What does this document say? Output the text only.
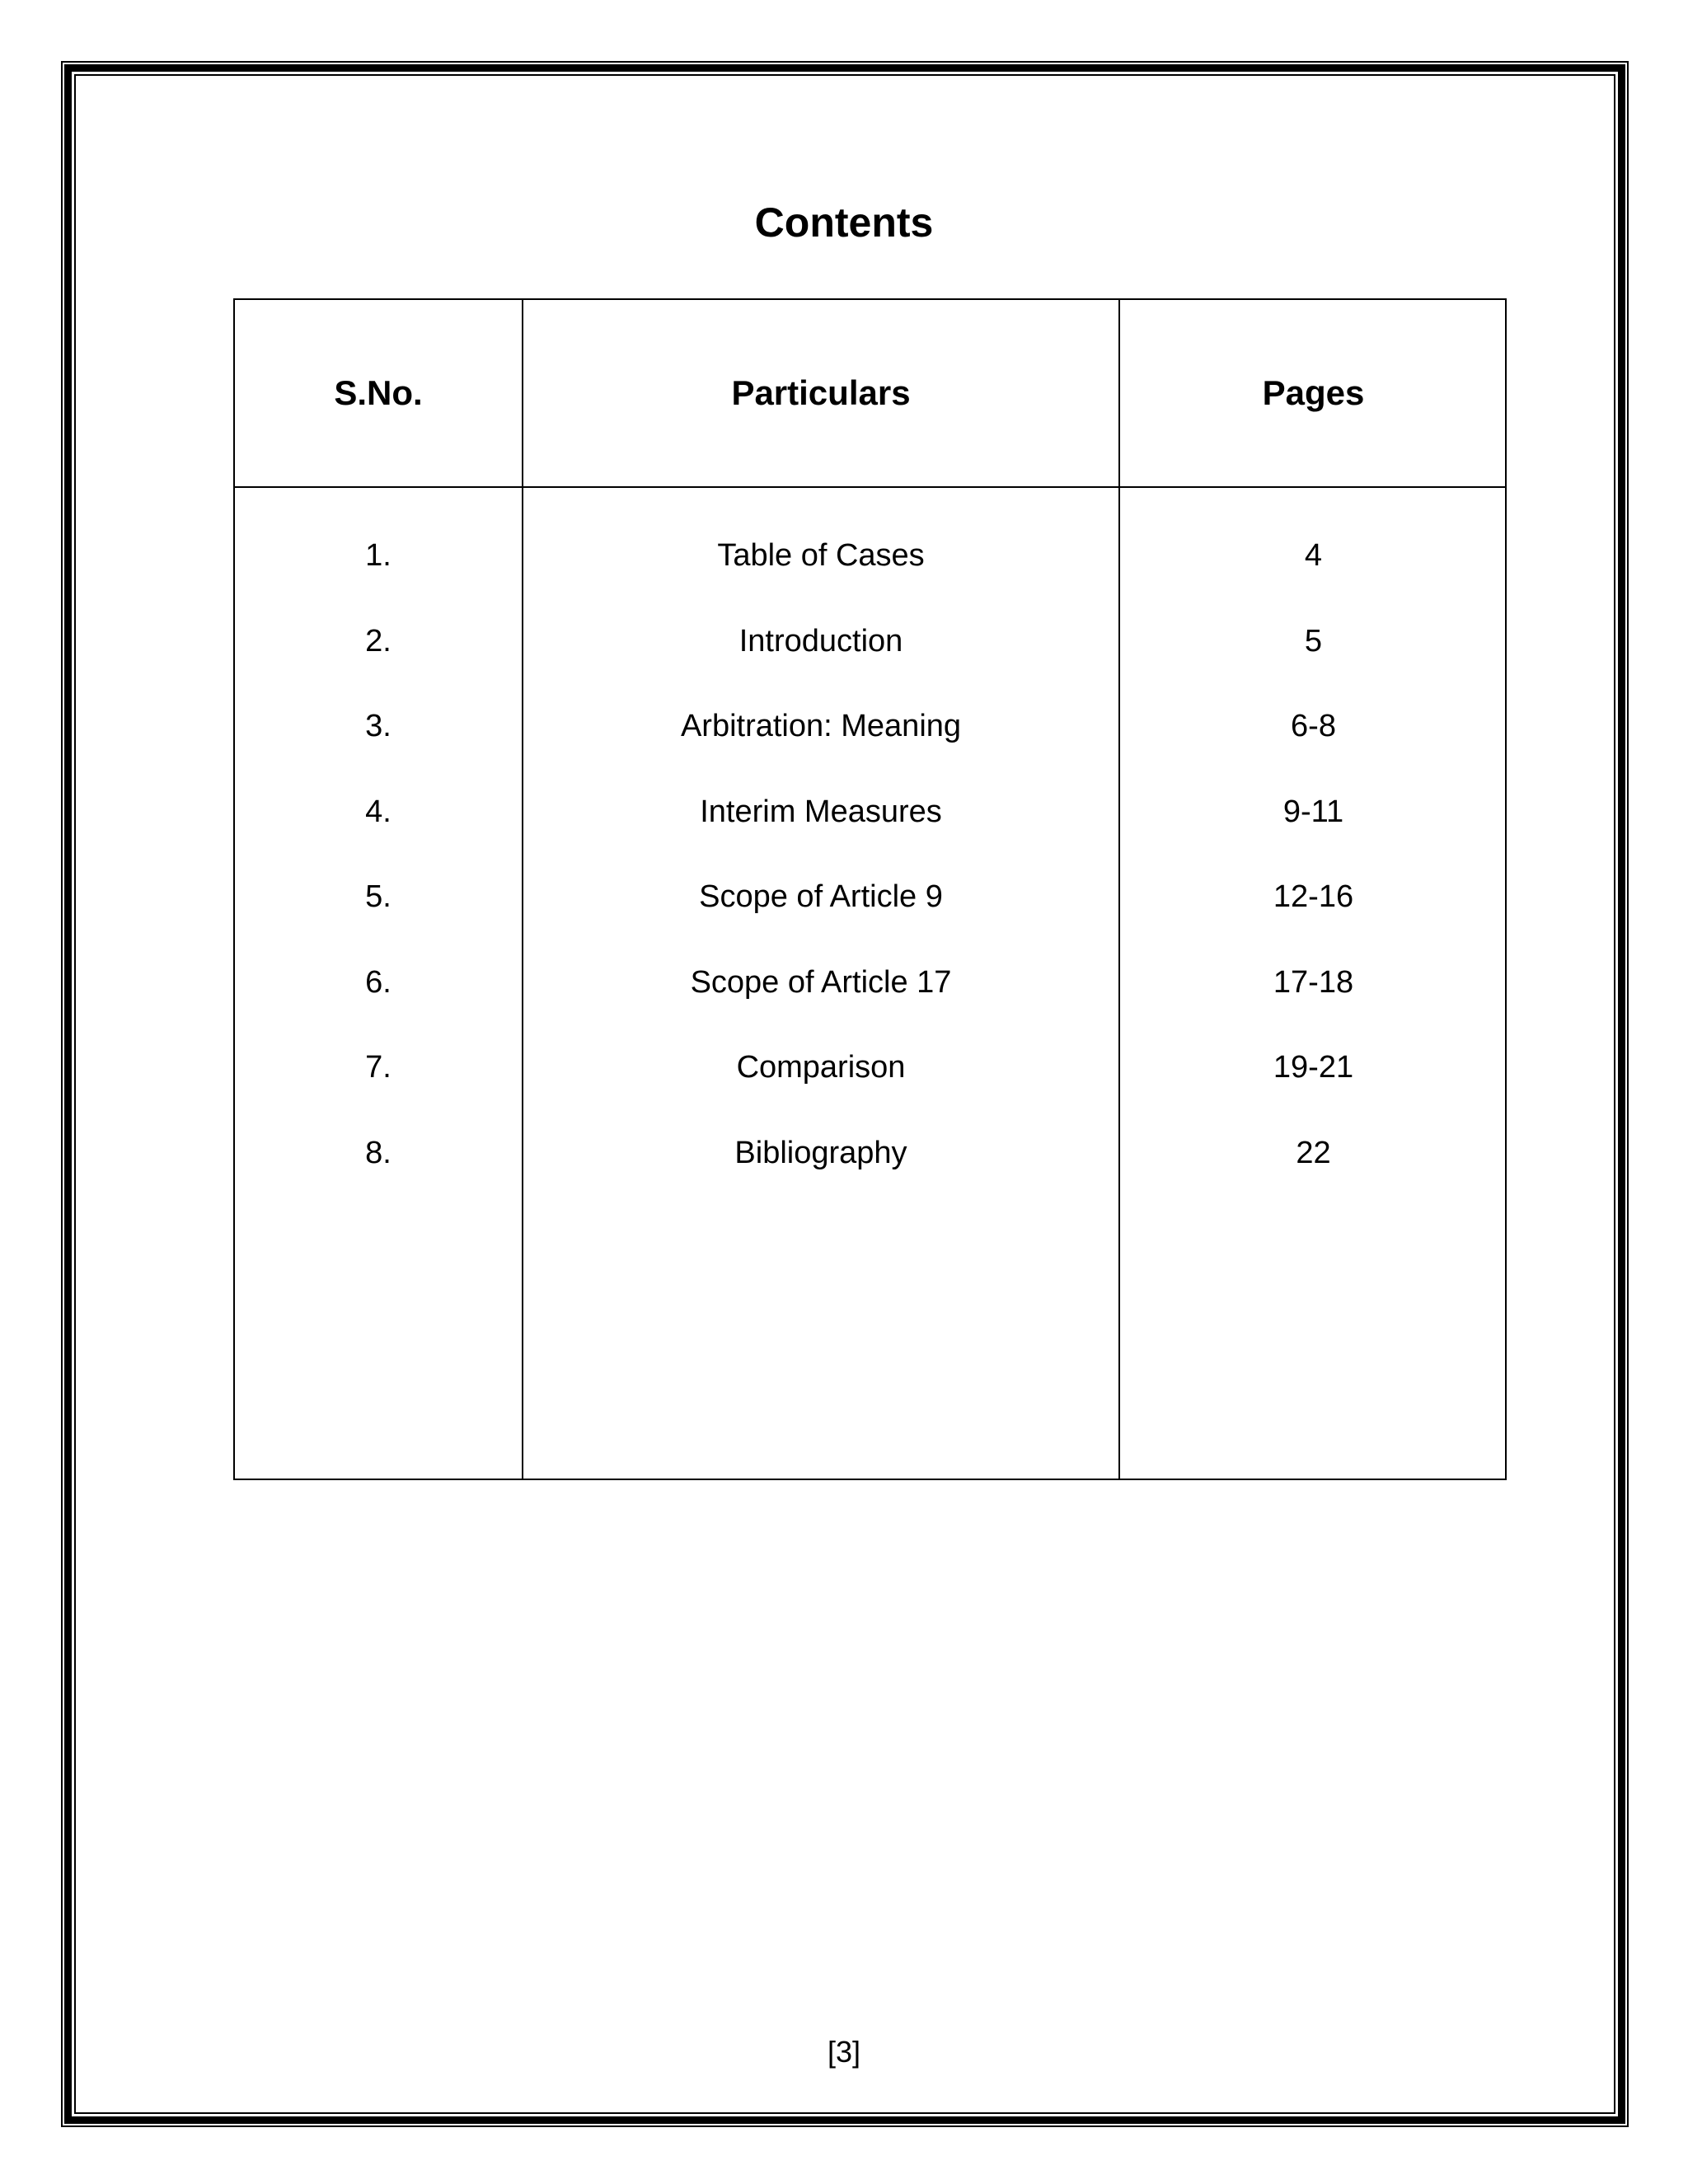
Contents
S.No.	Particulars	Pages
1.	Table of Cases	4
2.	Introduction	5
3.	Arbitration: Meaning	6-8
4.	Interim Measures	9-11
5.	Scope of Article 9	12-16
6.	Scope of Article 17	17-18
7.	Comparison	19-21
8.	Bibliography	22
[3]
